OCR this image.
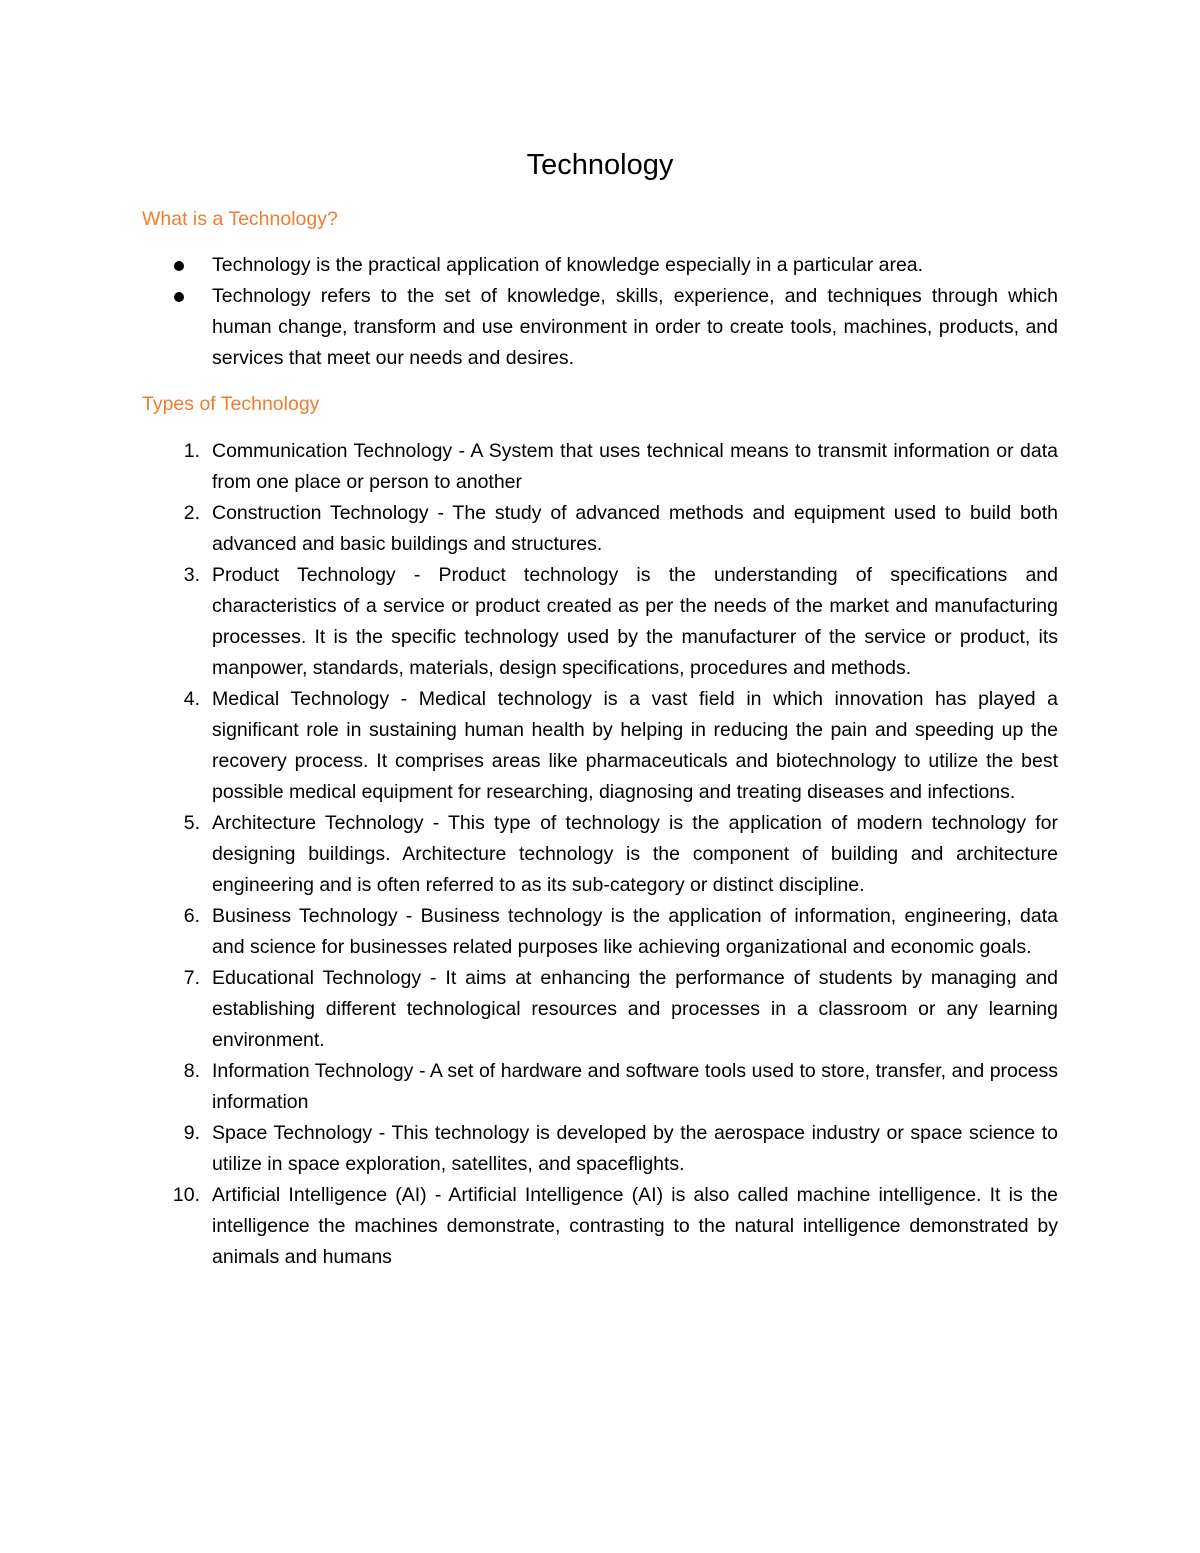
Technology
What is a Technology?
Technology is the practical application of knowledge especially in a particular area.
Technology refers to the set of knowledge, skills, experience, and techniques through which human change, transform and use environment in order to create tools, machines, products, and services that meet our needs and desires.
Types of Technology
1. Communication Technology - A System that uses technical means to transmit information or data from one place or person to another
2. Construction Technology - The study of advanced methods and equipment used to build both advanced and basic buildings and structures.
3. Product Technology - Product technology is the understanding of specifications and characteristics of a service or product created as per the needs of the market and manufacturing processes. It is the specific technology used by the manufacturer of the service or product, its manpower, standards, materials, design specifications, procedures and methods.
4. Medical Technology - Medical technology is a vast field in which innovation has played a significant role in sustaining human health by helping in reducing the pain and speeding up the recovery process. It comprises areas like pharmaceuticals and biotechnology to utilize the best possible medical equipment for researching, diagnosing and treating diseases and infections.
5. Architecture Technology - This type of technology is the application of modern technology for designing buildings. Architecture technology is the component of building and architecture engineering and is often referred to as its sub-category or distinct discipline.
6. Business Technology - Business technology is the application of information, engineering, data and science for businesses related purposes like achieving organizational and economic goals.
7. Educational Technology - It aims at enhancing the performance of students by managing and establishing different technological resources and processes in a classroom or any learning environment.
8. Information Technology - A set of hardware and software tools used to store, transfer, and process information
9. Space Technology - This technology is developed by the aerospace industry or space science to utilize in space exploration, satellites, and spaceflights.
10. Artificial Intelligence (AI) - Artificial Intelligence (AI) is also called machine intelligence. It is the intelligence the machines demonstrate, contrasting to the natural intelligence demonstrated by animals and humans
